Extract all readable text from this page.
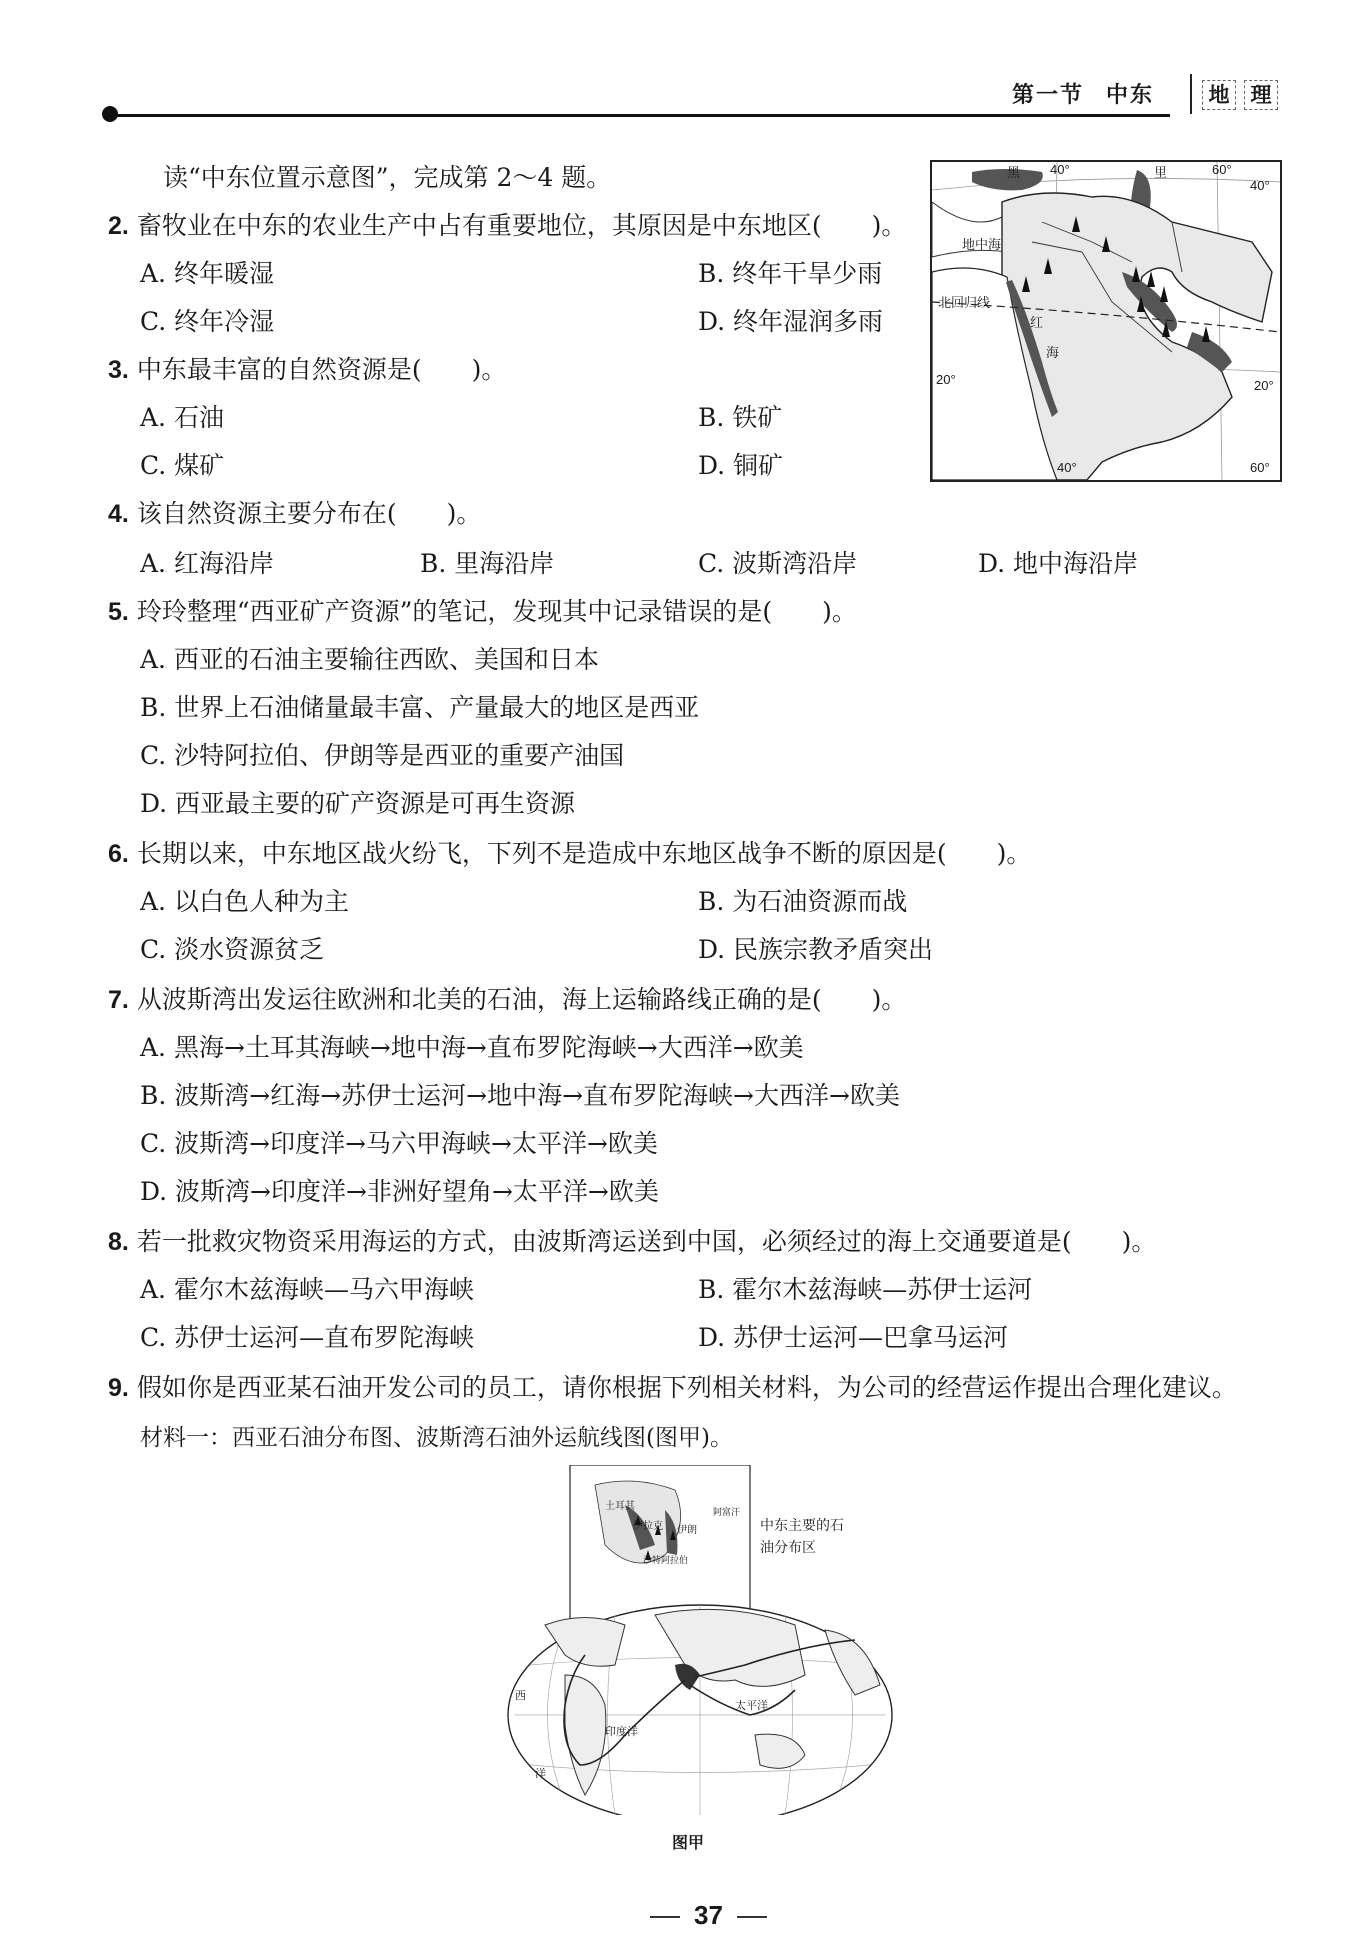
第一节 中东	地	理
读“中东位置示意图”，完成第 2～4 题。
2. 畜牧业在中东的农业生产中占有重要地位，其原因是中东地区(　　)。
A. 终年暖湿	B. 终年干旱少雨
C. 终年冷湿	D. 终年湿润多雨
3. 中东最丰富的自然资源是(　　)。
A. 石油	B. 铁矿
C. 煤矿	D. 铜矿
黑 40°	里	60°
40°
地中海
北回归线
红
海
20°	20°
40°	60°
4. 该自然资源主要分布在(　　)。
A. 红海沿岸	B. 里海沿岸	C. 波斯湾沿岸	D. 地中海沿岸
5. 玲玲整理“西亚矿产资源”的笔记，发现其中记录错误的是(　　)。
A. 西亚的石油主要输往西欧、美国和日本
B. 世界上石油储量最丰富、产量最大的地区是西亚
C. 沙特阿拉伯、伊朗等是西亚的重要产油国
D. 西亚最主要的矿产资源是可再生资源
6. 长期以来，中东地区战火纷飞，下列不是造成中东地区战争不断的原因是(　　)。
A. 以白色人种为主	B. 为石油资源而战
C. 淡水资源贫乏	D. 民族宗教矛盾突出
7. 从波斯湾出发运往欧洲和北美的石油，海上运输路线正确的是(　　)。
A. 黑海→土耳其海峡→地中海→直布罗陀海峡→大西洋→欧美
B. 波斯湾→红海→苏伊士运河→地中海→直布罗陀海峡→大西洋→欧美
C. 波斯湾→印度洋→马六甲海峡→太平洋→欧美
D. 波斯湾→印度洋→非洲好望角→太平洋→欧美
8. 若一批救灾物资采用海运的方式，由波斯湾运送到中国，必须经过的海上交通要道是(　　)。
A. 霍尔木兹海峡—马六甲海峡	B. 霍尔木兹海峡—苏伊士运河
C. 苏伊士运河—直布罗陀海峡	D. 苏伊士运河—巴拿马运河
9. 假如你是西亚某石油开发公司的员工，请你根据下列相关材料，为公司的经营运作提出合理化建议。
材料一：西亚石油分布图、波斯湾石油外运航线图(图甲)。
土耳其
伊拉克 伊朗
沙特阿拉伯
阿富汗
太平洋
印度洋
西
洋
中东主要的石油分布区
图甲
37
